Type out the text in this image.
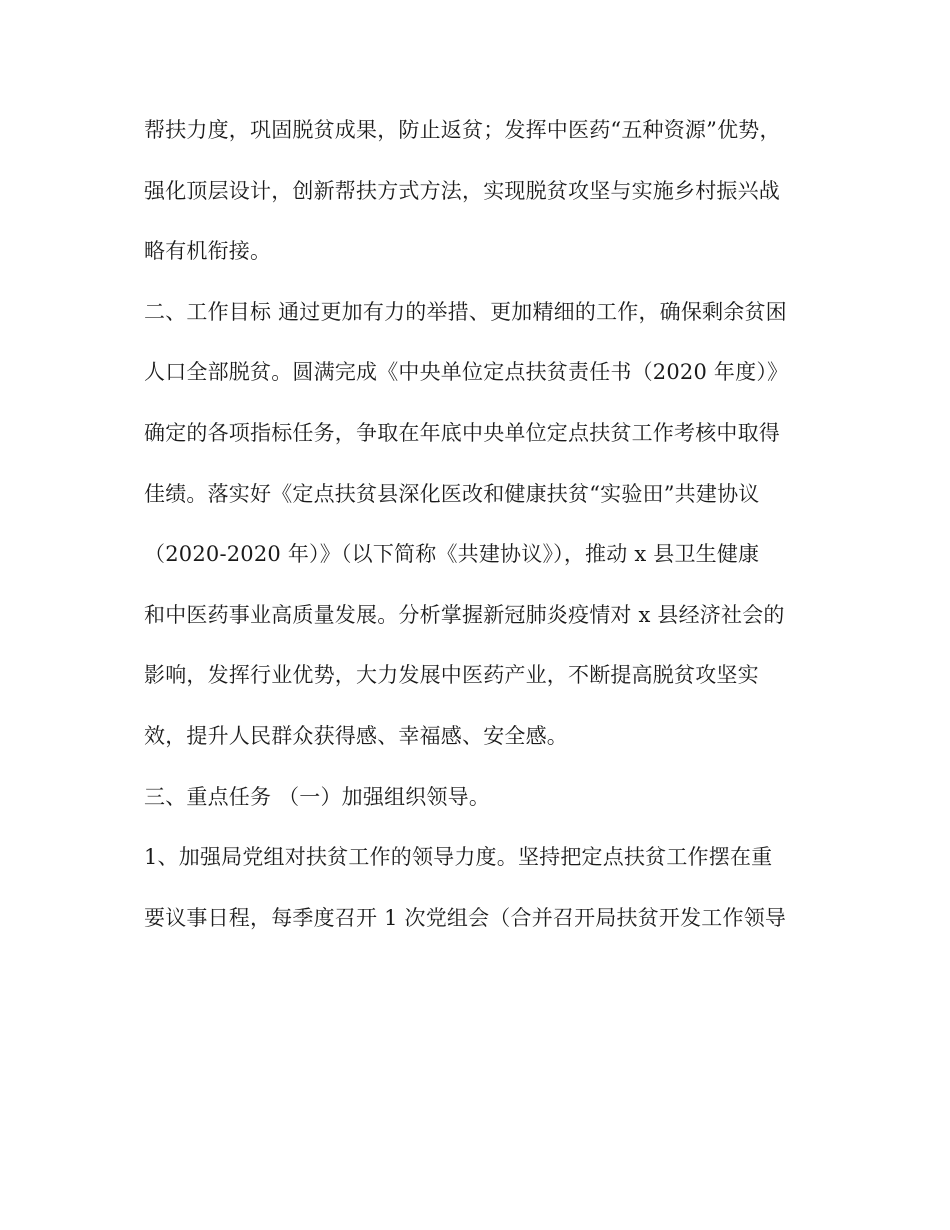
帮扶力度，巩固脱贫成果，防止返贫；发挥中医药“五种资源”优势，
强化顶层设计，创新帮扶方式方法，实现脱贫攻坚与实施乡村振兴战
略有机衔接。
二、工作目标 通过更加有力的举措、更加精细的工作，确保剩余贫困
人口全部脱贫。圆满完成《中央单位定点扶贫责任书（2020 年度）》
确定的各项指标任务，争取在年底中央单位定点扶贫工作考核中取得
佳绩。落实好《定点扶贫县深化医改和健康扶贫“实验田”共建协议
（2020-2020 年）》（以下简称《共建协议》），推动 x 县卫生健康
和中医药事业高质量发展。分析掌握新冠肺炎疫情对 x 县经济社会的
影响，发挥行业优势，大力发展中医药产业，不断提高脱贫攻坚实
效，提升人民群众获得感、幸福感、安全感。
三、重点任务 （一）加强组织领导。
1、加强局党组对扶贫工作的领导力度。坚持把定点扶贫工作摆在重
要议事日程，每季度召开 1 次党组会（合并召开局扶贫开发工作领导
